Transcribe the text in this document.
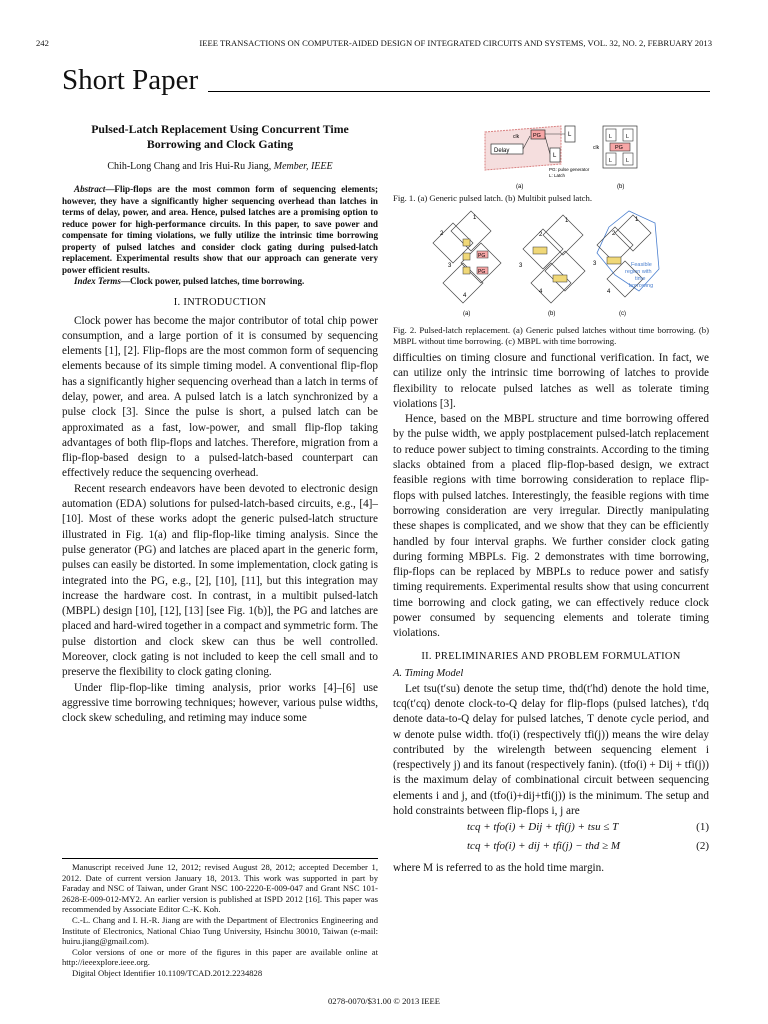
242	IEEE TRANSACTIONS ON COMPUTER-AIDED DESIGN OF INTEGRATED CIRCUITS AND SYSTEMS, VOL. 32, NO. 2, FEBRUARY 2013
Short Paper
Pulsed-Latch Replacement Using Concurrent Time Borrowing and Clock Gating
Chih-Long Chang and Iris Hui-Ru Jiang, Member, IEEE
Abstract—Flip-flops are the most common form of sequencing elements; however, they have a significantly higher sequencing overhead than latches in terms of delay, power, and area. Hence, pulsed latches are a promising option to reduce power for high-performance circuits. In this paper, to save power and compensate for timing violations, we fully utilize the intrinsic time borrowing property of pulsed latches and consider clock gating during pulsed-latch replacement. Experimental results show that our approach can generate very power efficient results.
Index Terms—Clock power, pulsed latches, time borrowing.
I. INTRODUCTION

Clock power has become the major contributor of total chip power consumption, and a large portion of it is consumed by sequencing elements [1], [2]. Flip-flops are the most common form of sequencing elements because of its simple timing model. A conventional flip-flop has a significantly higher sequencing overhead than a latch in terms of delay, power, and area. A pulsed latch is a latch synchronized by a pulse clock [3]. Since the pulse is short, a pulsed latch can be approximated as a fast, low-power, and small flip-flop taking advantages of both flip-flops and latches. Therefore, migration from a flip-flop-based design to a pulsed-latch-based counterpart can effectively reduce the sequencing overhead.

Recent research endeavors have been devoted to electronic design automation (EDA) solutions for pulsed-latch-based circuits, e.g., [4]–[10]. Most of these works adopt the generic pulsed-latch structure illustrated in Fig. 1(a) and flip-flop-like timing analysis. Since the pulse generator (PG) and latches are placed apart in the generic form, pulses can easily be distorted. In some implementation, clock gating is integrated into the PG, e.g., [2], [10], [11], but this integration may increase the hardware cost. In contrast, in a multibit pulsed-latch (MBPL) design [10], [12], [13] [see Fig. 1(b)], the PG and latches are placed and hard-wired together in a compact and symmetric form. The pulse distortion and clock skew can thus be well controlled. Moreover, clock gating is not included to keep the cell small and to preserve the flexibility to clock gating cloning.

Under flip-flop-like timing analysis, prior works [4]–[6] use aggressive time borrowing techniques; however, various pulse widths, clock skew scheduling, and retiming may induce some

Manuscript received June 12, 2012; revised August 28, 2012; accepted December 1, 2012. Date of current version January 18, 2013. This work was supported in part by Faraday and NSC of Taiwan, under Grant NSC 100-2220-E-009-047 and Grant NSC 101-2628-E-009-012-MY2. An earlier version is published at ISPD 2012 [16]. This paper was recommended by Associate Editor C.-K. Koh.

C.-L. Chang and I. H.-R. Jiang are with the Department of Electronics Engineering and Institute of Electronics, National Chiao Tung University, Hsinchu 30010, Taiwan (e-mail: huiru.jiang@gmail.com).

Color versions of one or more of the figures in this paper are available online at http://ieeexplore.ieee.org.

Digital Object Identifier 10.1109/TCAD.2012.2234828

Delay
clk	PG	L
L
PG: pulse generator
L: Latch
(a)
L	L
PG
L	L
clk
(b)
Fig. 1. (a) Generic pulsed latch. (b) Multibit pulsed latch.
1
2
3
4
PG
PG
(a)
1
2
3
4
(b)
1
2
3
4
Feasible
region with
time
borrowing
(c)
Fig. 2. Pulsed-latch replacement. (a) Generic pulsed latches without time borrowing. (b) MBPL without time borrowing. (c) MBPL with time borrowing.

difficulties on timing closure and functional verification. In fact, we can utilize only the intrinsic time borrowing of latches to provide flexibility to relocate pulsed latches as well as tolerate timing violations [3].

Hence, based on the MBPL structure and time borrowing offered by the pulse width, we apply postplacement pulsed-latch replacement to reduce power subject to timing constraints. According to the timing slacks obtained from a placed flip-flop-based design, we extract feasible regions with time borrowing consideration to replace flip-flops with pulsed latches. Interestingly, the feasible regions with time borrowing consideration are very irregular. Directly manipulating these shapes is complicated, and we show that they can be efficiently handled by four interval graphs. We further consider clock gating during forming MBPLs. Fig. 2 demonstrates with time borrowing, flip-flops can be replaced by MBPLs to reduce power and satisfy timing requirements. Experimental results show that using concurrent time borrowing and clock gating, we can effectively reduce clock power consumed by sequencing elements and tolerate timing violations.

II. PRELIMINARIES AND PROBLEM FORMULATION
A. Timing Model

Let tsu(t′su) denote the setup time, thd(t′hd) denote the hold time, tcq(t′cq) denote clock-to-Q delay for flip-flops (pulsed latches), t′dq denote data-to-Q delay for pulsed latches, T denote cycle period, and w denote pulse width. tfo(i) (respectively tfi(j)) means the wire delay contributed by the wirelength between sequencing element i (respectively j) and its fanout (respectively fanin). (tfo(i) + Dij + tfi(j)) is the maximum delay of combinational circuit between sequencing elements i and j, and (tfo(i)+dij+tfi(j)) is the minimum. The setup and hold constraints between flip-flops i, j are

tcq + tfo(i) + Dij + tfi(j) + tsu ≤ T	(1)
tcq + tfo(i) + dij + tfi(j) − thd ≥ M	(2)

where M is referred to as the hold time margin.

0278-0070/$31.00 © 2013 IEEE
